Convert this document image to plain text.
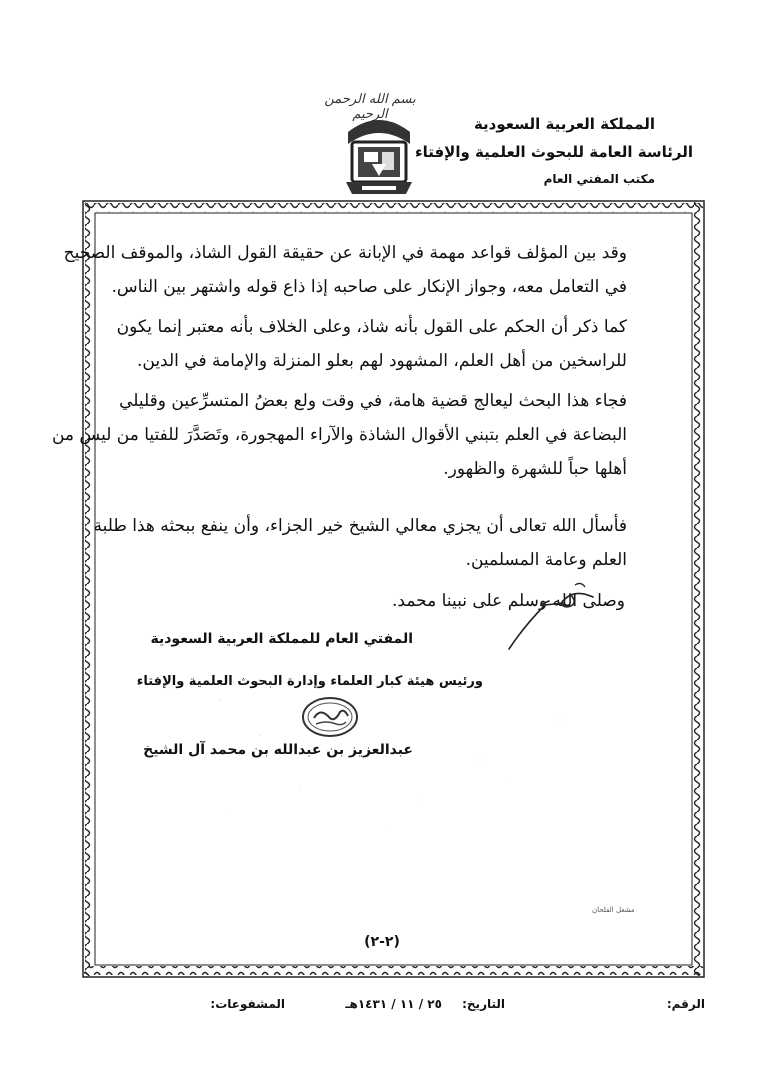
بسم الله الرحمن الرحيم
المملكة العربية السعودية
الرئاسة العامة للبحوث العلمية والإفتاء
مكتب المفتي العام

وقد بين المؤلف قواعد مهمة في الإبانة عن حقيقة القول الشاذ، والموقف الصحيح

في التعامل معه، وجواز الإنكار على صاحبه إذا ذاع قوله واشتهر بين الناس.

كما ذكر أن الحكم على القول بأنه شاذ، وعلى الخلاف بأنه معتبر إنما يكون

للراسخين من أهل العلم، المشهود لهم بعلو المنزلة والإمامة في الدين.

فجاء هذا البحث ليعالج قضية هامة، في وقت ولع بعضُ المتسرِّعين وقليلي

البضاعة في العلم بتبني الأقوال الشاذة والآراء المهجورة، وتَصَدَّرَ للفتيا من ليس من

أهلها حباً للشهرة والظهور.

فأسأل الله تعالى أن يجزي معالي الشيخ خير الجزاء، وأن ينفع ببحثه هذا طلبة

العلم وعامة المسلمين.

وصلى الله وسلم على نبينا محمد.
المفتي العام للمملكة العربية السعودية
ورئيس هيئة كبار العلماء وإدارة البحوث العلمية والإفتاء
عبدالعزيز بن عبدالله بن محمد آل الشيخ
مشغل الفلحان
(٢-٢)
الرقم:
التاريخ: ٢٥ / ١١ / ١٤٣١هـ
المشفوعات:
